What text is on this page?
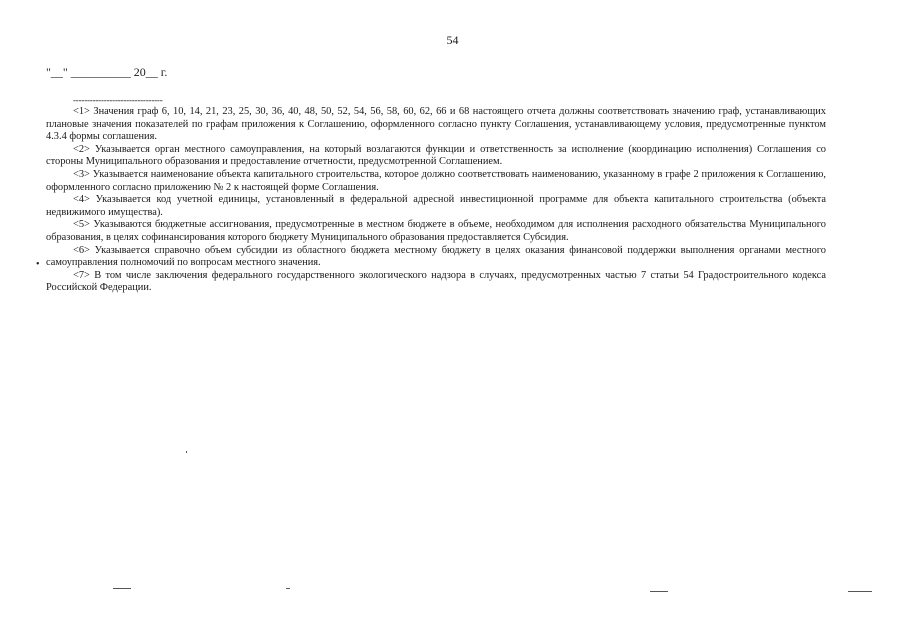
54
"__" __________ 20__ г.
--------------------------------

<1> Значения граф 6, 10, 14, 21, 23, 25, 30, 36, 40, 48, 50, 52, 54, 56, 58, 60, 62, 66 и 68 настоящего отчета должны соответствовать значению граф, устанавливающих плановые значения показателей по графам приложения к Соглашению, оформленного согласно пункту Соглашения, устанавливающему условия, предусмотренные пунктом 4.3.4 формы соглашения.

<2> Указывается орган местного самоуправления, на который возлагаются функции и ответственность за исполнение (координацию исполнения) Соглашения со стороны Муниципального образования и предоставление отчетности, предусмотренной Соглашением.

<3> Указывается наименование объекта капитального строительства, которое должно соответствовать наименованию, указанному в графе 2 приложения к Соглашению, оформленного согласно приложению № 2 к настоящей форме Соглашения.

<4> Указывается код учетной единицы, установленный в федеральной адресной инвестиционной программе для объекта капитального строительства (объекта недвижимого имущества).

<5> Указываются бюджетные ассигнования, предусмотренные в местном бюджете в объеме, необходимом для исполнения расходного обязательства Муниципального образования, в целях софинансирования которого бюджету Муниципального образования предоставляется Субсидия.

<6> Указывается справочно объем субсидии из областного бюджета местному бюджету в целях оказания финансовой поддержки выполнения органами местного самоуправления полномочий по вопросам местного значения.

<7> В том числе заключения федерального государственного экологического надзора в случаях, предусмотренных частью 7 статьи 54 Градостроительного кодекса Российской Федерации.

•
